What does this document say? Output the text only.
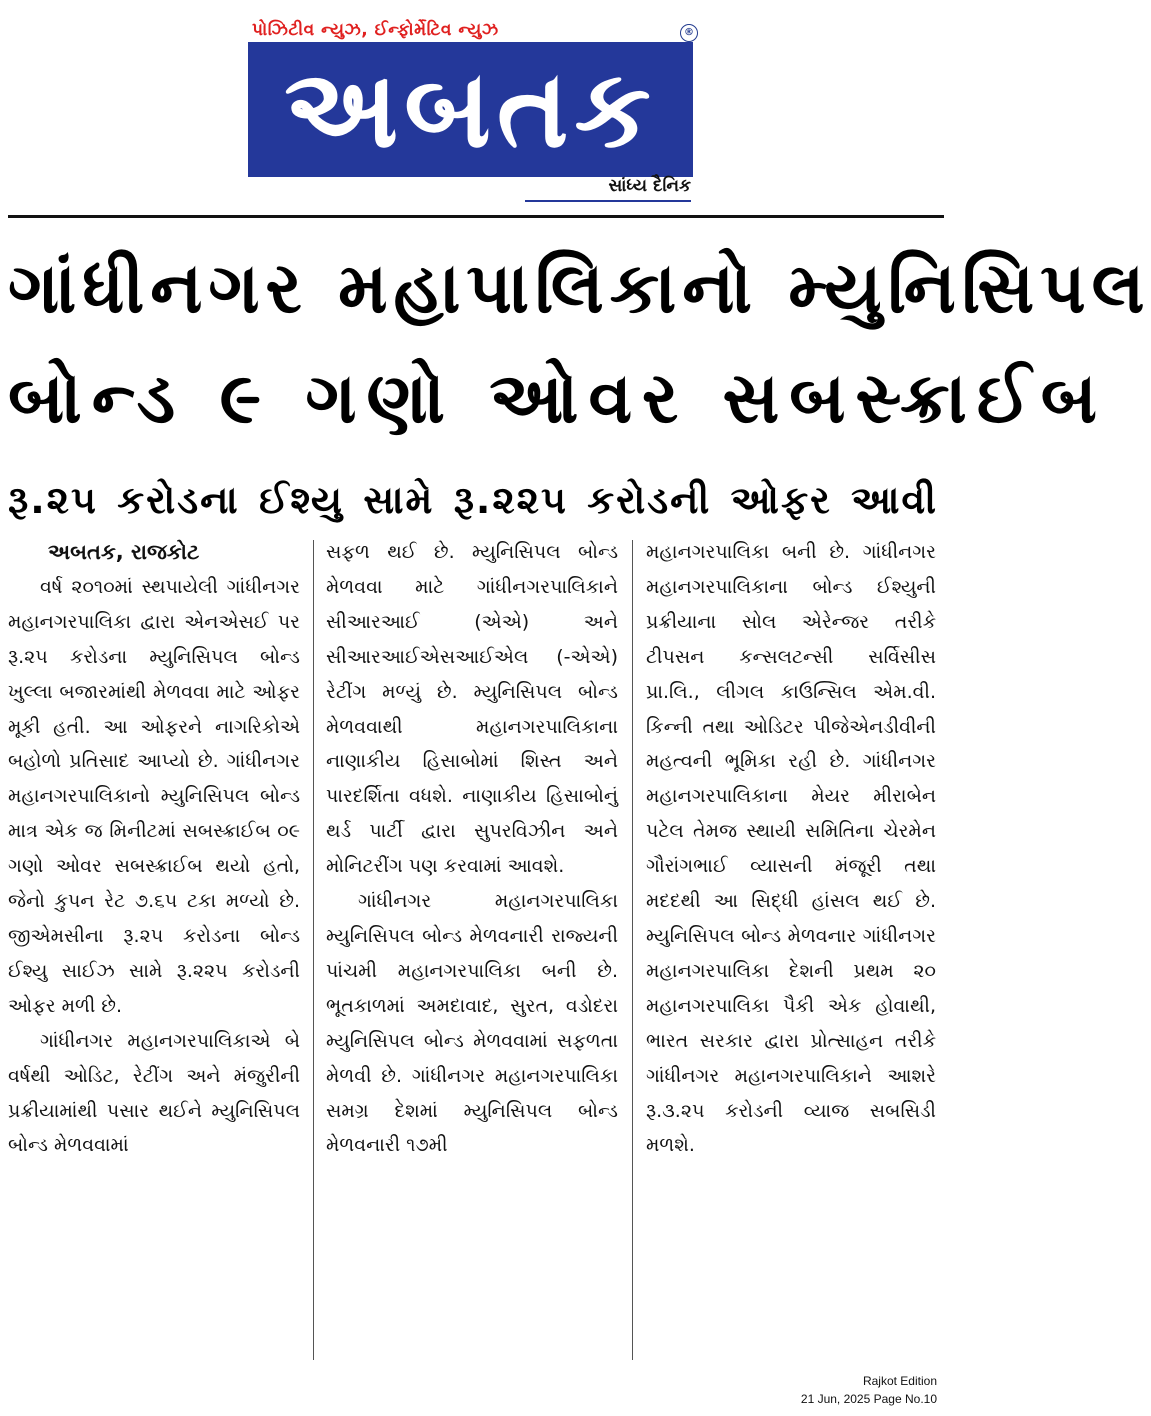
પોઝિટીવ ન્યુઝ, ઈન્ફોર્મેટિવ ન્યુઝ
અબતક
®
સાંધ્ય દૈનિક
ગાંધીનગર મહાપાલિકાનો મ્યુનિસિપલ
બોન્ડ ૯ ગણો ઓવર સબસ્ક્રાઈબ
રૂ.૨૫ કરોડના ઈશ્યુ સામે રૂ.૨૨૫ કરોડની ઓફર આવી
અબતક, રાજકોટ

વર્ષ ૨૦૧૦માં સ્થપાયેલી ગાંધીનગર મહાનગરપાલિકા દ્વારા એનએસઈ પર રૂ.૨૫ કરોડના મ્યુનિસિપલ બોન્ડ ખુલ્લા બજારમાંથી મેળવવા માટે ઓફર મૂકી હતી. આ ઓફરને નાગરિકોએ બહોળો પ્રતિસાદ આપ્યો છે. ગાંધીનગર મહાનગરપાલિકાનો મ્યુનિસિપલ બોન્ડ માત્ર એક જ મિનીટમાં સબસ્ક્રાઈબ ૦૯ ગણો ઓવર સબસ્ક્રાઈબ થયો હતો, જેનો કુપન રેટ ૭.૬૫ ટકા મળ્યો છે. જીએમસીના રૂ.૨૫ કરોડના બોન્ડ ઈશ્યુ સાઈઝ સામે રૂ.૨૨૫ કરોડની ઓફર મળી છે.

ગાંધીનગર મહાનગરપાલિકાએ બે વર્ષથી ઓડિટ, રેટીંગ અને મંજુરીની પ્રક્રીયામાંથી પસાર થઈને મ્યુનિસિપલ બોન્ડ મેળવવામાં

સફળ થઈ છે. મ્યુનિસિપલ બોન્ડ મેળવવા માટે ગાંધીનગરપાલિકાને સીઆરઆઈ (એએ) અને સીઆરઆઈએસઆઈએલ (-એએ) રેટીંગ મળ્યું છે. મ્યુનિસિપલ બોન્ડ મેળવવાથી મહાનગરપાલિકાના નાણાકીય હિસાબોમાં શિસ્ત અને પારદર્શિતા વધશે. નાણાકીય હિસાબોનું થર્ડ પાર્ટી દ્વારા સુપરવિઝીન અને મોનિટરીંગ પણ કરવામાં આવશે.

ગાંધીનગર મહાનગરપાલિકા મ્યુનિસિપલ બોન્ડ મેળવનારી રાજ્યની પાંચમી મહાનગરપાલિકા બની છે. ભૂતકાળમાં અમદાવાદ, સુરત, વડોદરા મ્યુનિસિપલ બોન્ડ મેળવવામાં સફળતા મેળવી છે. ગાંધીનગર મહાનગરપાલિકા સમગ્ર દેશમાં મ્યુનિસિપલ બોન્ડ મેળવનારી ૧૭મી

મહાનગરપાલિકા બની છે. ગાંધીનગર મહાનગરપાલિકાના બોન્ડ ઈશ્યુની પ્રક્રીયાના સોલ એરેન્જર તરીકે ટીપસન કન્સલટન્સી સર્વિસીસ પ્રા.લિ., લીગલ કાઉન્સિલ એમ.વી. કિન્ની તથા ઓડિટર પીજેએનડીવીની મહત્વની ભૂમિકા રહી છે. ગાંધીનગર મહાનગરપાલિકાના મેયર મીરાબેન પટેલ તેમજ સ્થાયી સમિતિના ચેરમેન ગૌરાંગભાઈ વ્યાસની મંજૂરી તથા મદદથી આ સિદ્ધી હાંસલ થઈ છે. મ્યુનિસિપલ બોન્ડ મેળવનાર ગાંધીનગર મહાનગરપાલિકા દેશની પ્રથમ ૨૦ મહાનગરપાલિકા પૈકી એક હોવાથી, ભારત સરકાર દ્વારા પ્રોત્સાહન તરીકે ગાંધીનગર મહાનગરપાલિકાને આશરે રૂ.૩.૨૫ કરોડની વ્યાજ સબસિડી મળશે.

Rajkot Edition
21 Jun, 2025 Page No.10
